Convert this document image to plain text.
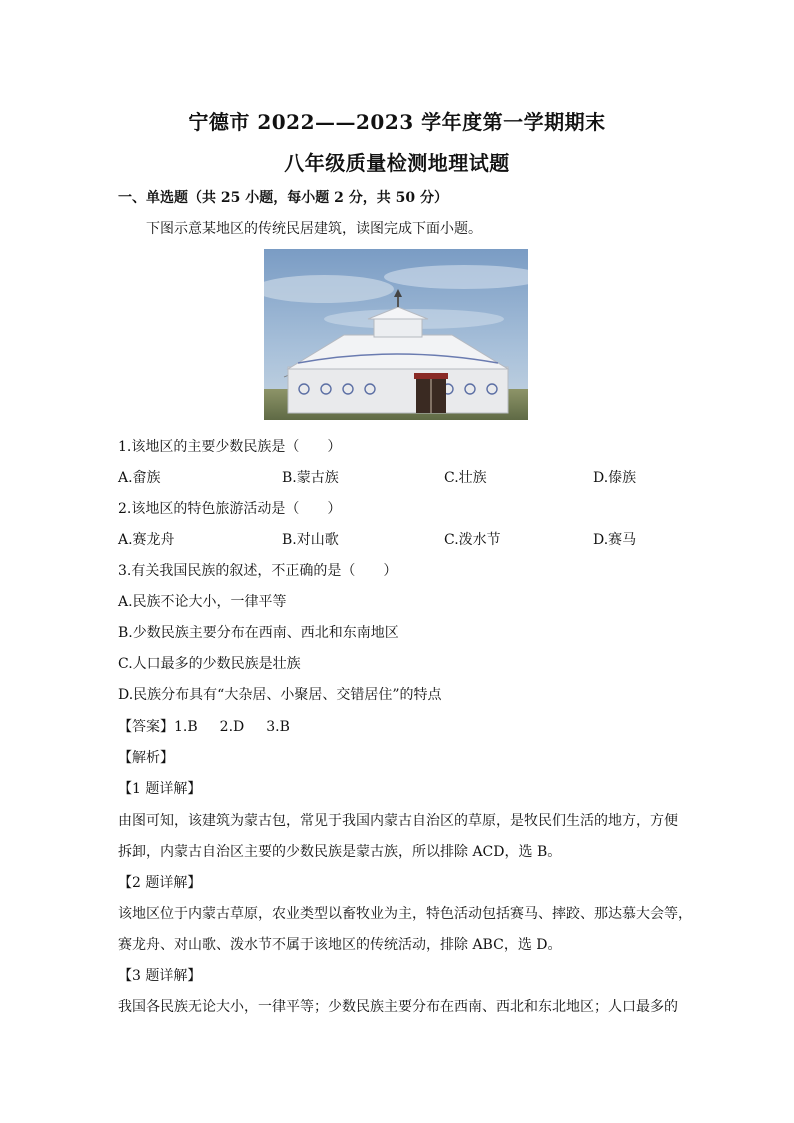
宁德市 2022——2023 学年度第一学期期末
八年级质量检测地理试题
一、单选题（共 25 小题，每小题 2 分，共 50 分）
下图示意某地区的传统民居建筑，读图完成下面小题。
1.该地区的主要少数民族是（　　）
A.畲族	B.蒙古族	C.壮族	D.傣族
2.该地区的特色旅游活动是（　　）
A.赛龙舟	B.对山歌	C.泼水节	D.赛马
3.有关我国民族的叙述，不正确的是（　　）
A.民族不论大小，一律平等
B.少数民族主要分布在西南、西北和东南地区
C.人口最多的少数民族是壮族
D.民族分布具有“大杂居、小聚居、交错居住”的特点
【答案】1.B 2.D 3.B
【解析】
【1 题详解】
由图可知，该建筑为蒙古包，常见于我国内蒙古自治区的草原，是牧民们生活的地方，方便
拆卸，内蒙古自治区主要的少数民族是蒙古族，所以排除 ACD，选 B。
【2 题详解】
该地区位于内蒙古草原，农业类型以畜牧业为主，特色活动包括赛马、摔跤、那达慕大会等，
赛龙舟、对山歌、泼水节不属于该地区的传统活动，排除 ABC，选 D。
【3 题详解】
我国各民族无论大小，一律平等；少数民族主要分布在西南、西北和东北地区；人口最多的
